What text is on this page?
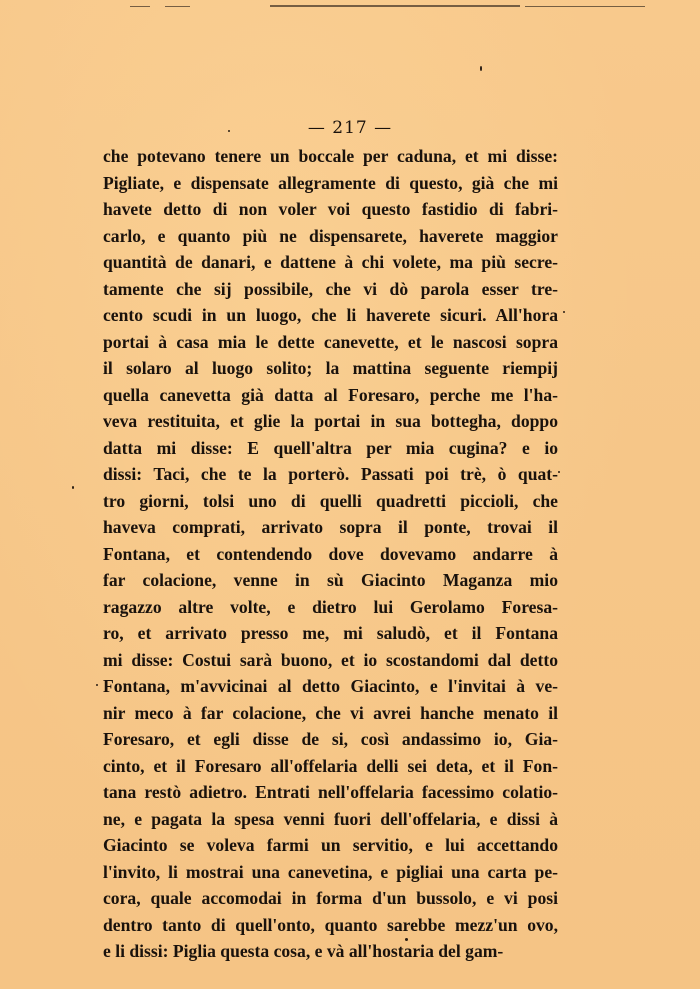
— 217 —
che potevano tenere un boccale per caduna, et mi disse:
Pigliate, e dispensate allegramente di questo, già che mi
havete detto di non voler voi questo fastidio di fabri-
carlo, e quanto più ne dispensarete, haverete maggior
quantità de danari, e dattene à chi volete, ma più secre-
tamente che sij possibile, che vi dò parola esser tre-
cento scudi in un luogo, che li haverete sicuri. All'hora
portai à casa mia le dette canevette, et le nascosi sopra
il solaro al luogo solito; la mattina seguente riempij
quella canevetta già datta al Foresaro, perche me l'ha-
veva restituita, et glie la portai in sua bottegha, doppo
datta mi disse: E quell'altra per mia cugina? e io
dissi: Taci, che te la porterò. Passati poi trè, ò quat-
tro giorni, tolsi uno di quelli quadretti piccioli, che
haveva comprati, arrivato sopra il ponte, trovai il
Fontana, et contendendo dove dovevamo andarre à
far colacione, venne in sù Giacinto Maganza mio
ragazzo altre volte, e dietro lui Gerolamo Foresa-
ro, et arrivato presso me, mi saludò, et il Fontana
mi disse: Costui sarà buono, et io scostandomi dal detto
Fontana, m'avvicinai al detto Giacinto, e l'invitai à ve-
nir meco à far colacione, che vi avrei hanche menato il
Foresaro, et egli disse de si, così andassimo io, Gia-
cinto, et il Foresaro all'offelaria delli sei deta, et il Fon-
tana restò adietro. Entrati nell'offelaria facessimo colatio-
ne, e pagata la spesa venni fuori dell'offelaria, e dissi à
Giacinto se voleva farmi un servitio, e lui accettando
l'invito, li mostrai una canevetina, e pigliai una carta pe-
cora, quale accomodai in forma d'un bussolo, e vi posi
dentro tanto di quell'onto, quanto sarebbe mezz'un ovo,
e li dissi: Piglia questa cosa, e và all'hostaria del gam-
